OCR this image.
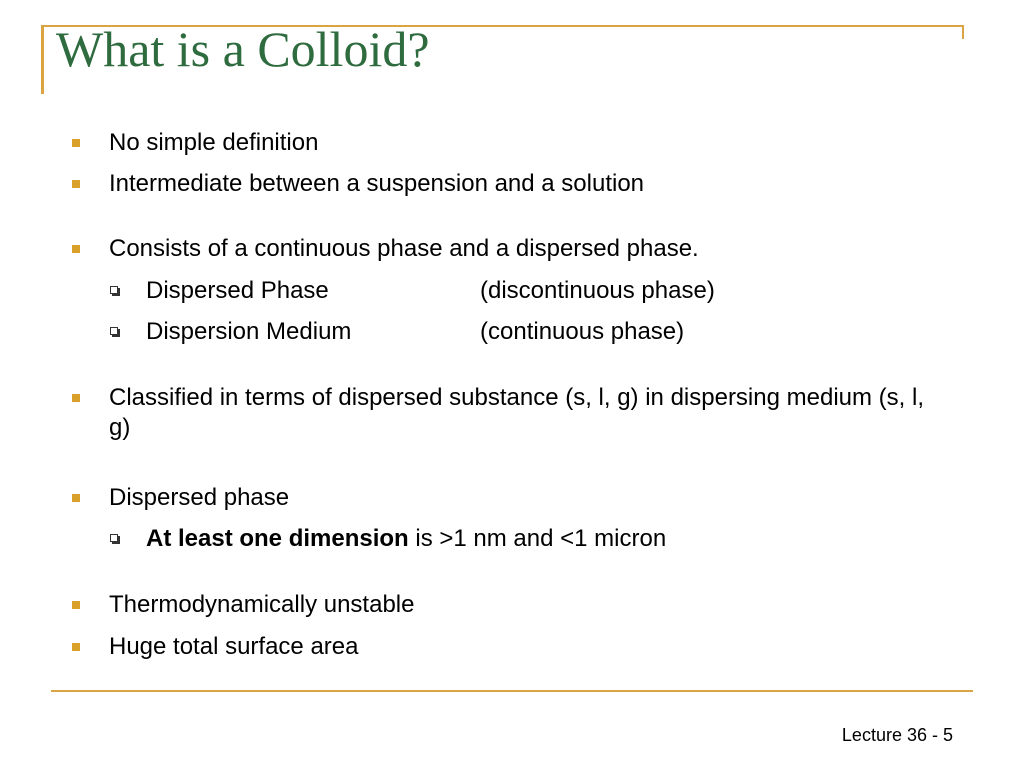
What is a Colloid?
No simple definition
Intermediate between a suspension and a solution
Consists of a continuous phase and a dispersed phase.
Dispersed Phase	(discontinuous phase)
Dispersion Medium	(continuous phase)
Classified in terms of dispersed substance (s, l, g) in dispersing medium (s, l, g)
Dispersed phase
At least one dimension is >1 nm and <1 micron
Thermodynamically unstable
Huge total surface area
Lecture 36 - 5
